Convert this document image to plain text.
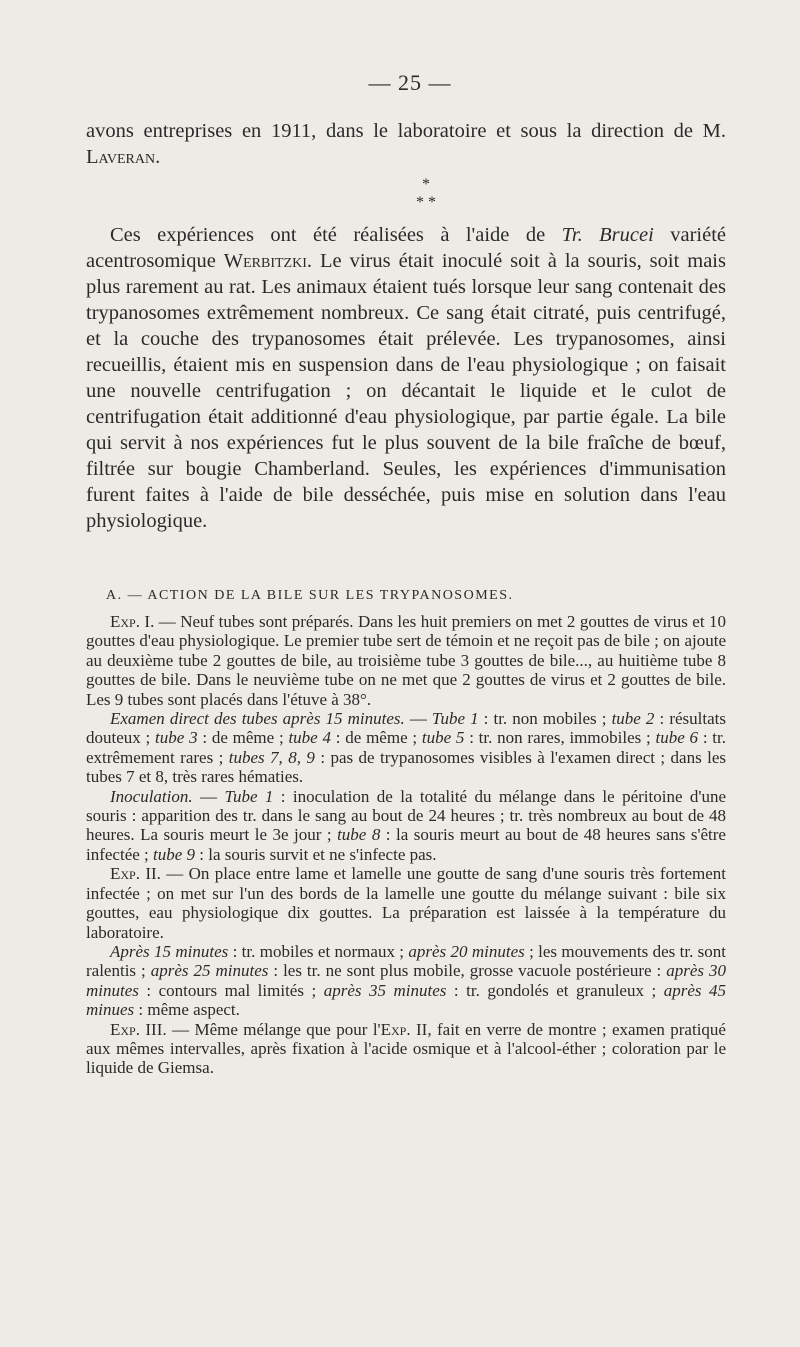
— 25 —

avons entreprises en 1911, dans le laboratoire et sous la direction de M. Laveran.

*
* *

Ces expériences ont été réalisées à l'aide de Tr. Brucei variété acentrosomique Werbitzki. Le virus était inoculé soit à la souris, soit mais plus rarement au rat. Les animaux étaient tués lorsque leur sang contenait des trypanosomes extrêmement nombreux. Ce sang était citraté, puis centrifugé, et la couche des trypanosomes était prélevée. Les trypanosomes, ainsi recueillis, étaient mis en suspension dans de l'eau physiologique ; on faisait une nouvelle centrifugation ; on décantait le liquide et le culot de centrifugation était additionné d'eau physiologique, par partie égale. La bile qui servit à nos expériences fut le plus souvent de la bile fraîche de bœuf, filtrée sur bougie Chamberland. Seules, les expériences d'immunisation furent faites à l'aide de bile desséchée, puis mise en solution dans l'eau physiologique.

A. — ACTION DE LA BILE SUR LES TRYPANOSOMES.

Exp. I. — Neuf tubes sont préparés. Dans les huit premiers on met 2 gouttes de virus et 10 gouttes d'eau physiologique. Le premier tube sert de témoin et ne reçoit pas de bile ; on ajoute au deuxième tube 2 gouttes de bile, au troisième tube 3 gouttes de bile..., au huitième tube 8 gouttes de bile. Dans le neuvième tube on ne met que 2 gouttes de virus et 2 gouttes de bile. Les 9 tubes sont placés dans l'étuve à 38°.

Examen direct des tubes après 15 minutes. — Tube 1 : tr. non mobiles ; tube 2 : résultats douteux ; tube 3 : de même ; tube 4 : de même ; tube 5 : tr. non rares, immobiles ; tube 6 : tr. extrêmement rares ; tubes 7, 8, 9 : pas de trypanosomes visibles à l'examen direct ; dans les tubes 7 et 8, très rares hématies.

Inoculation. — Tube 1 : inoculation de la totalité du mélange dans le péritoine d'une souris : apparition des tr. dans le sang au bout de 24 heures ; tr. très nombreux au bout de 48 heures. La souris meurt le 3e jour ; tube 8 : la souris meurt au bout de 48 heures sans s'être infectée ; tube 9 : la souris survit et ne s'infecte pas.

Exp. II. — On place entre lame et lamelle une goutte de sang d'une souris très fortement infectée ; on met sur l'un des bords de la lamelle une goutte du mélange suivant : bile six gouttes, eau physiologique dix gouttes. La préparation est laissée à la température du laboratoire.

Après 15 minutes : tr. mobiles et normaux ; après 20 minutes ; les mouvements des tr. sont ralentis ; après 25 minutes : les tr. ne sont plus mobile, grosse vacuole postérieure : après 30 minutes : contours mal limités ; après 35 minutes : tr. gondolés et granuleux ; après 45 minues : même aspect.

Exp. III. — Même mélange que pour l'Exp. II, fait en verre de montre ; examen pratiqué aux mêmes intervalles, après fixation à l'acide osmique et à l'alcool-éther ; coloration par le liquide de Giemsa.
